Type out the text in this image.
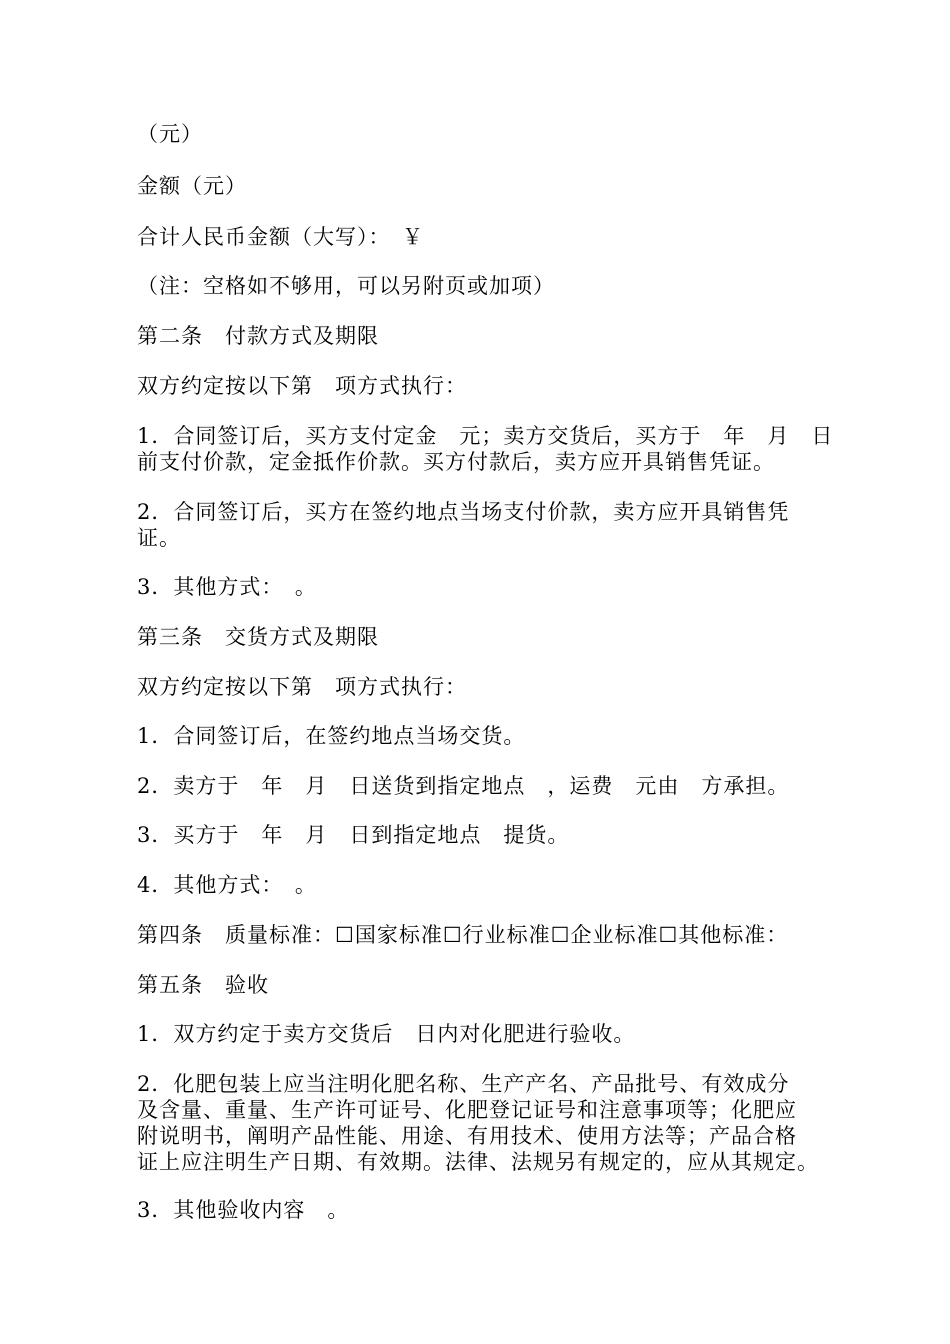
（元）

金额（元）

合计人民币金额（大写）：　￥

（注：空格如不够用，可以另附页或加项）

第二条　付款方式及期限

双方约定按以下第　项方式执行：

1．合同签订后，买方支付定金　元；卖方交货后，买方于　年　月　日

前支付价款，定金抵作价款。买方付款后，卖方应开具销售凭证。

2．合同签订后，买方在签约地点当场支付价款，卖方应开具销售凭

证。

3．其他方式：　。

第三条　交货方式及期限

双方约定按以下第　项方式执行：

1．合同签订后，在签约地点当场交货。

2．卖方于　年　月　日送货到指定地点　，运费　元由　方承担。

3．买方于　年　月　日到指定地点　提货。

4．其他方式：　。

第四条　质量标准：☐国家标准☐行业标准☐企业标准☐其他标准：

第五条　验收

1．双方约定于卖方交货后　日内对化肥进行验收。

2．化肥包装上应当注明化肥名称、生产产名、产品批号、有效成分

及含量、重量、生产许可证号、化肥登记证号和注意事项等；化肥应

附说明书，阐明产品性能、用途、有用技术、使用方法等；产品合格

证上应注明生产日期、有效期。法律、法规另有规定的，应从其规定。

3．其他验收内容　。
